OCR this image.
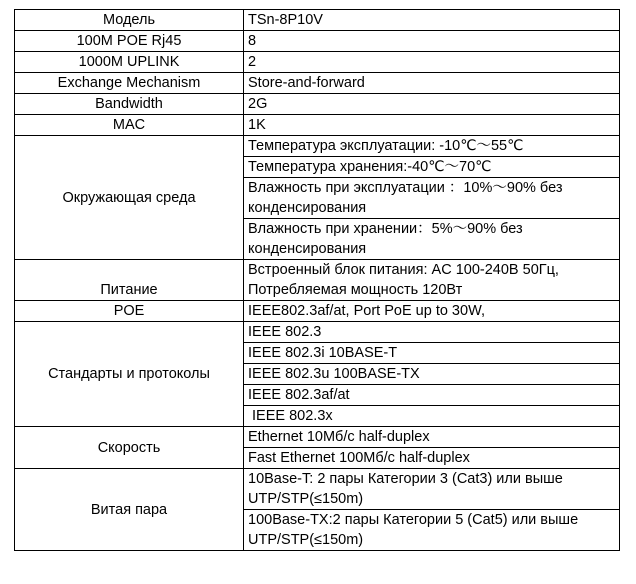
Модель	TSn-8P10V
100M POE Rj45	8
1000M UPLINK	2
Exchange Mechanism	Store-and-forward
Bandwidth	2G
MAC	1K
Окружающая среда	Температура эксплуатации: -10℃～55℃
	Температура хранения:-40℃～70℃
	Влажность при эксплуатации ：10%～90% без конденсирования
	Влажность при хранении：5%～90% без конденсирования
Питание	Встроенный блок питания: AC 100-240В 50Гц, Потребляемая мощность 120Вт
POE	IEEE802.3af/at, Port PoE up to 30W,
Стандарты и протоколы	IEEE 802.3
	IEEE 802.3i 10BASE-T
	IEEE 802.3u 100BASE-TX
	IEEE 802.3af/at
	IEEE 802.3x
Скорость	Ethernet 10Мб/с half-duplex
	Fast Ethernet 100Мб/с half-duplex
Витая пара	10Base-T: 2 пары Категории 3 (Cat3) или выше UTP/STP(≤150m)
	100Base-TX:2 пары Категории 5 (Cat5) или выше UTP/STP(≤150m)
